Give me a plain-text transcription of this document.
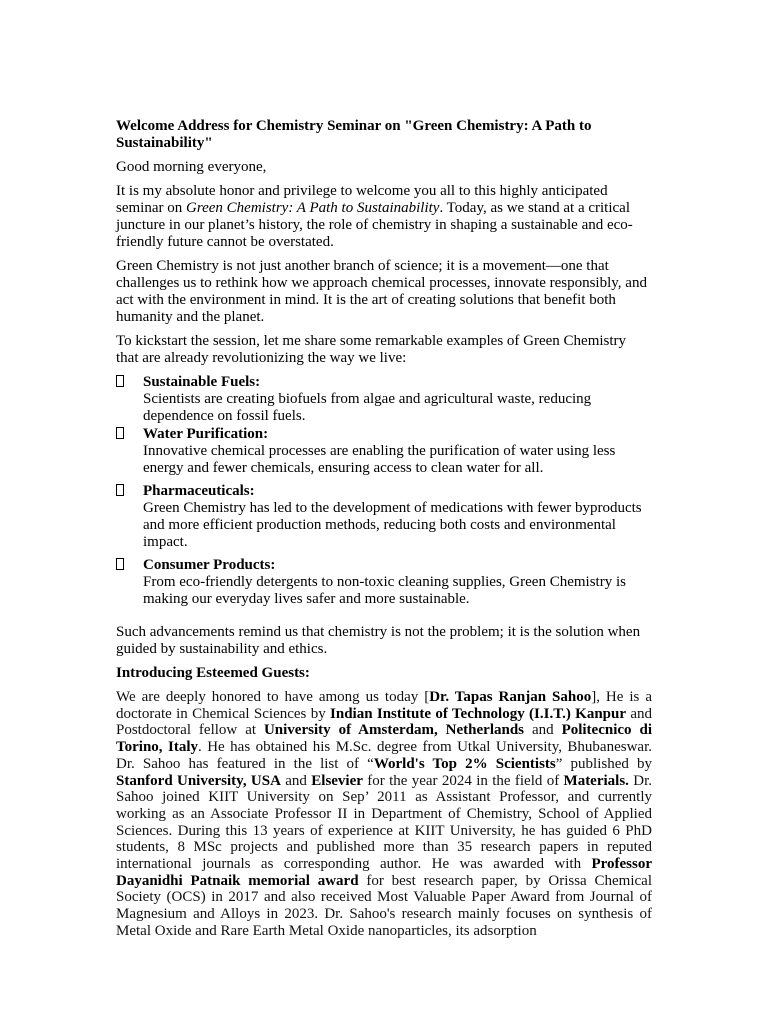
Welcome Address for Chemistry Seminar on "Green Chemistry: A Path to Sustainability"

Good morning everyone,

It is my absolute honor and privilege to welcome you all to this highly anticipated seminar on Green Chemistry: A Path to Sustainability. Today, as we stand at a critical juncture in our planet’s history, the role of chemistry in shaping a sustainable and eco-friendly future cannot be overstated.

Green Chemistry is not just another branch of science; it is a movement—one that challenges us to rethink how we approach chemical processes, innovate responsibly, and act with the environment in mind. It is the art of creating solutions that benefit both humanity and the planet.

To kickstart the session, let me share some remarkable examples of Green Chemistry that are already revolutionizing the way we live:

Sustainable Fuels:
Scientists are creating biofuels from algae and agricultural waste, reducing dependence on fossil fuels.
Water Purification:
Innovative chemical processes are enabling the purification of water using less energy and fewer chemicals, ensuring access to clean water for all.
Pharmaceuticals:
Green Chemistry has led to the development of medications with fewer byproducts and more efficient production methods, reducing both costs and environmental impact.
Consumer Products:
From eco-friendly detergents to non-toxic cleaning supplies, Green Chemistry is making our everyday lives safer and more sustainable.

Such advancements remind us that chemistry is not the problem; it is the solution when guided by sustainability and ethics.

Introducing Esteemed Guests:

We are deeply honored to have among us today [Dr. Tapas Ranjan Sahoo], He is a doctorate in Chemical Sciences by Indian Institute of Technology (I.I.T.) Kanpur and Postdoctoral fellow at University of Amsterdam, Netherlands and Politecnico di Torino, Italy. He has obtained his M.Sc. degree from Utkal University, Bhubaneswar. Dr. Sahoo has featured in the list of “World's Top 2% Scientists” published by Stanford University, USA and Elsevier for the year 2024 in the field of Materials. Dr. Sahoo joined KIIT University on Sep’ 2011 as Assistant Professor, and currently working as an Associate Professor II in Department of Chemistry, School of Applied Sciences. During this 13 years of experience at KIIT University, he has guided 6 PhD students, 8 MSc projects and published more than 35 research papers in reputed international journals as corresponding author. He was awarded with Professor Dayanidhi Patnaik memorial award for best research paper, by Orissa Chemical Society (OCS) in 2017 and also received Most Valuable Paper Award from Journal of Magnesium and Alloys in 2023. Dr. Sahoo's research mainly focuses on synthesis of Metal Oxide and Rare Earth Metal Oxide nanoparticles, its adsorption
